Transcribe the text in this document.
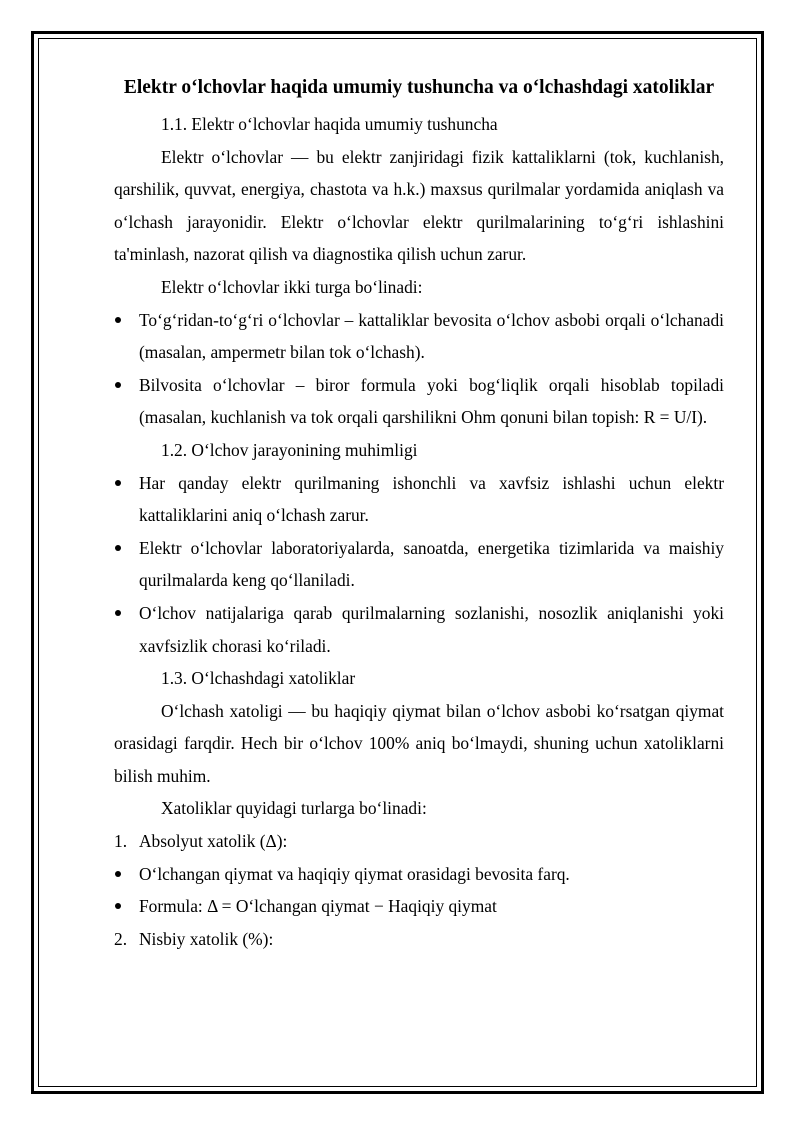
Elektr o‘lchovlar haqida umumiy tushuncha va o‘lchashdagi xatoliklar

1.1. Elektr o‘lchovlar haqida umumiy tushuncha

Elektr o‘lchovlar — bu elektr zanjiridagi fizik kattaliklarni (tok, kuchlanish, qarshilik, quvvat, energiya, chastota va h.k.) maxsus qurilmalar yordamida aniqlash va o‘lchash jarayonidir. Elektr o‘lchovlar elektr qurilmalarining to‘g‘ri ishlashini ta'minlash, nazorat qilish va diagnostika qilish uchun zarur.

Elektr o‘lchovlar ikki turga bo‘linadi:

To‘g‘ridan-to‘g‘ri o‘lchovlar – kattaliklar bevosita o‘lchov asbobi orqali o‘lchanadi (masalan, ampermetr bilan tok o‘lchash).
Bilvosita o‘lchovlar – biror formula yoki bog‘liqlik orqali hisoblab topiladi (masalan, kuchlanish va tok orqali qarshilikni Ohm qonuni bilan topish: R = U/I).

1.2. O‘lchov jarayonining muhimligi

Har qanday elektr qurilmaning ishonchli va xavfsiz ishlashi uchun elektr kattaliklarini aniq o‘lchash zarur.
Elektr o‘lchovlar laboratoriyalarda, sanoatda, energetika tizimlarida va maishiy qurilmalarda keng qo‘llaniladi.
O‘lchov natijalariga qarab qurilmalarning sozlanishi, nosozlik aniqlanishi yoki xavfsizlik chorasi ko‘riladi.

1.3. O‘lchashdagi xatoliklar

O‘lchash xatoligi — bu haqiqiy qiymat bilan o‘lchov asbobi ko‘rsatgan qiymat orasidagi farqdir. Hech bir o‘lchov 100% aniq bo‘lmaydi, shuning uchun xatoliklarni bilish muhim.

Xatoliklar quyidagi turlarga bo‘linadi:

1. Absolyut xatolik (Δ):
O‘lchangan qiymat va haqiqiy qiymat orasidagi bevosita farq.
Formula: Δ = O‘lchangan qiymat − Haqiqiy qiymat
2. Nisbiy xatolik (%):
